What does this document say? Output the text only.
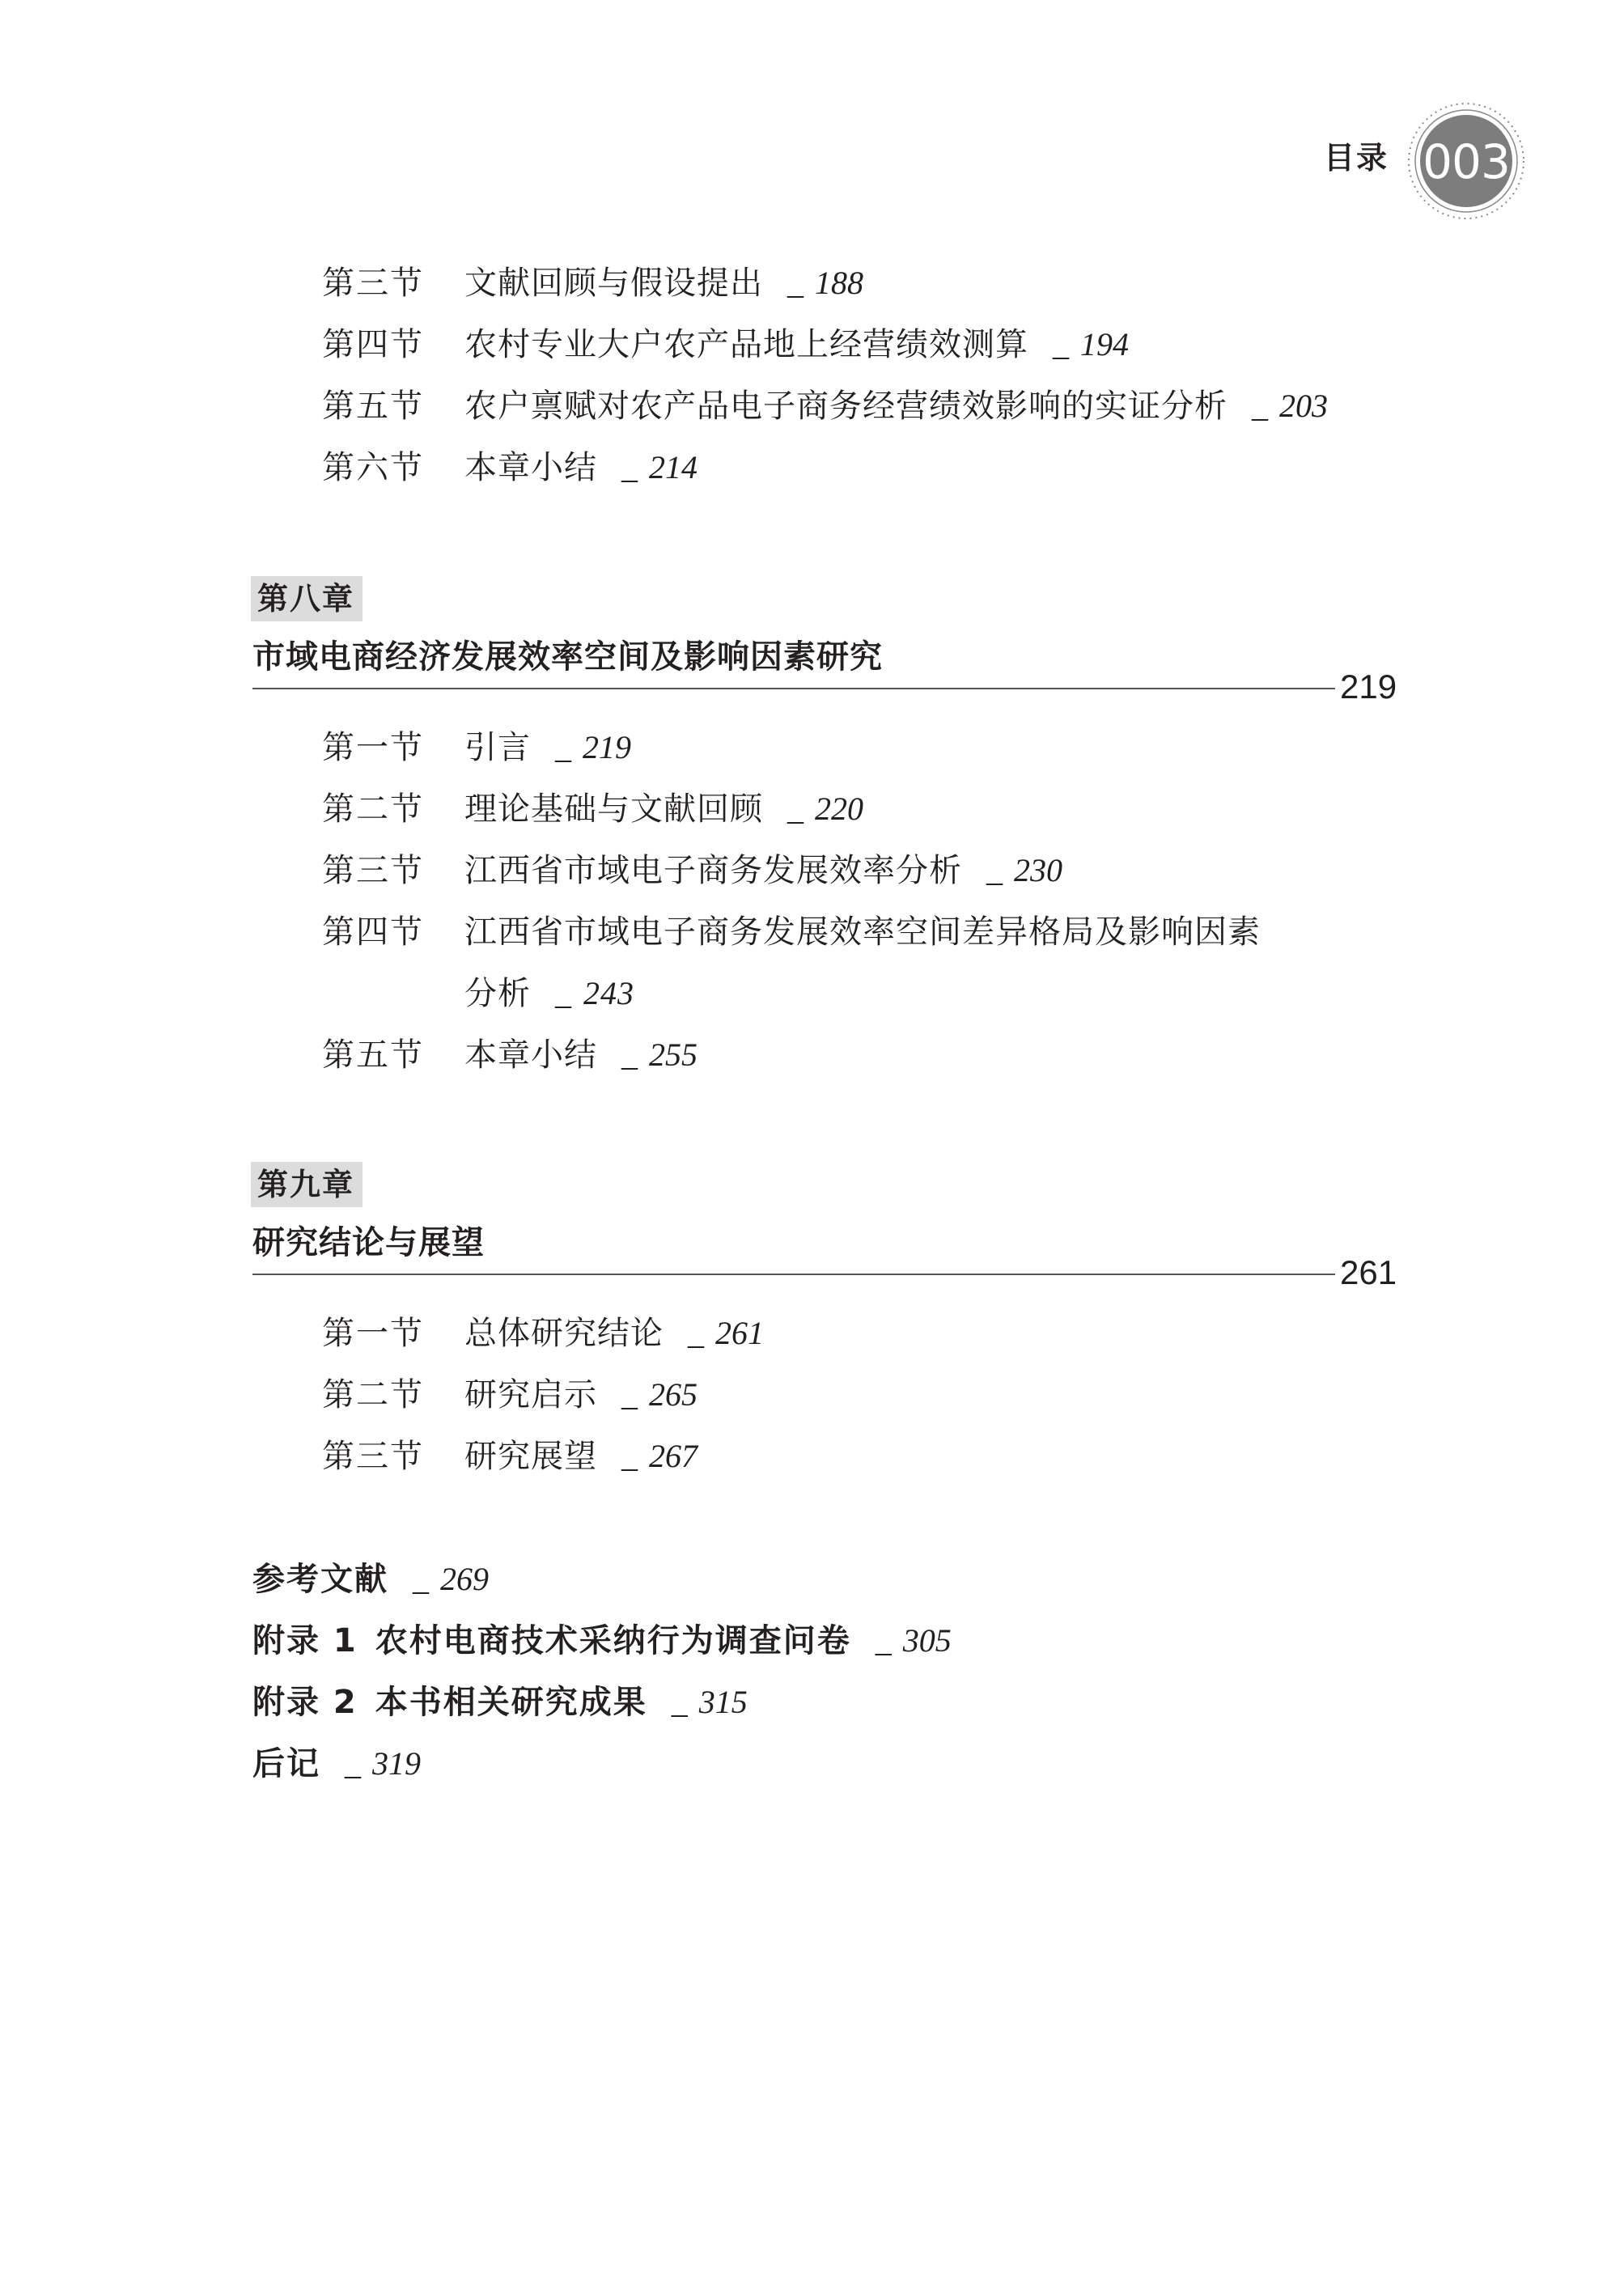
目录 003
第三节 文献回顾与假设提出 _ 188
第四节 农村专业大户农产品地上经营绩效测算 _ 194
第五节 农户禀赋对农产品电子商务经营绩效影响的实证分析 _ 203
第六节 本章小结 _ 214
第八章
市域电商经济发展效率空间及影响因素研究
219
第一节 引言 _ 219
第二节 理论基础与文献回顾 _ 220
第三节 江西省市域电子商务发展效率分析 _ 230
第四节 江西省市域电子商务发展效率空间差异格局及影响因素
分析 _ 243
第五节 本章小结 _ 255
第九章
研究结论与展望
261
第一节 总体研究结论 _ 261
第二节 研究启示 _ 265
第三节 研究展望 _ 267
参考文献 _ 269
附录 1 农村电商技术采纳行为调查问卷 _ 305
附录 2 本书相关研究成果 _ 315
后记 _ 319
